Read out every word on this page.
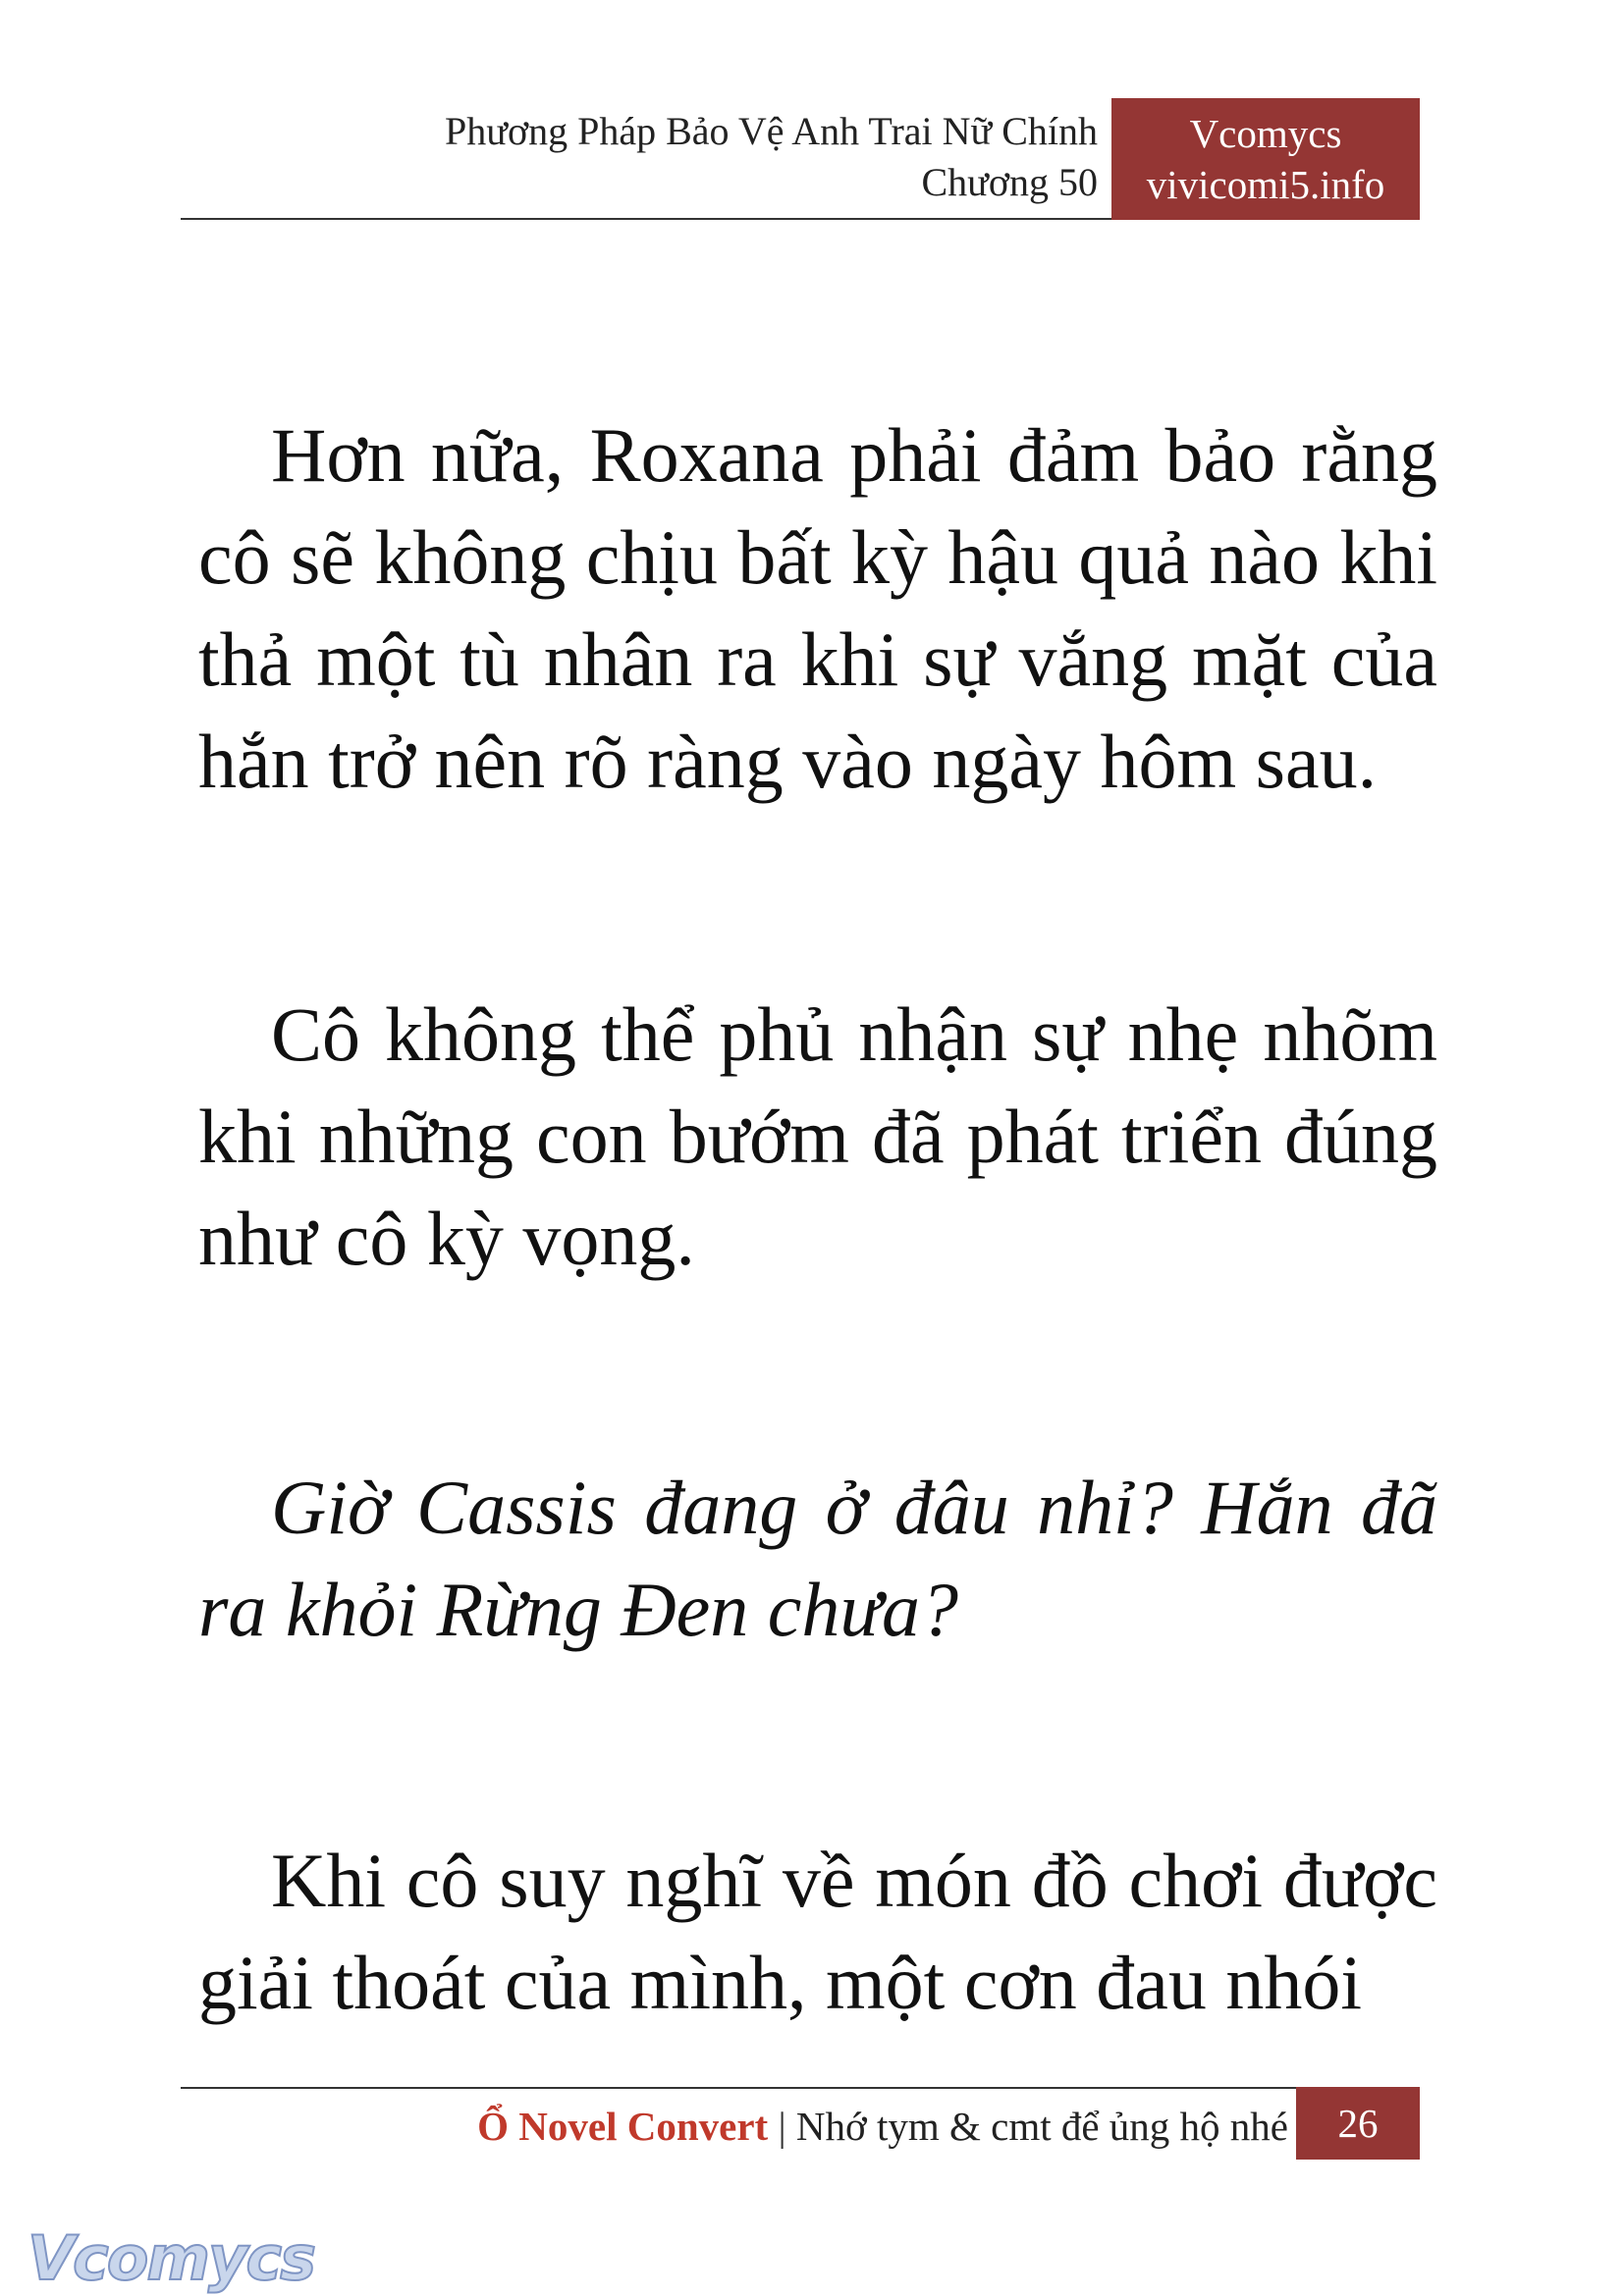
Phương Pháp Bảo Vệ Anh Trai Nữ Chính
Chương 50
Vcomycs
vivicomi5.info

Hơn nữa, Roxana phải đảm bảo rằng cô sẽ không chịu bất kỳ hậu quả nào khi thả một tù nhân ra khi sự vắng mặt của hắn trở nên rõ ràng vào ngày hôm sau.

Cô không thể phủ nhận sự nhẹ nhõm khi những con bướm đã phát triển đúng như cô kỳ vọng.

Giờ Cassis đang ở đâu nhỉ? Hắn đã ra khỏi Rừng Đen chưa?

Khi cô suy nghĩ về món đồ chơi được giải thoát của mình, một cơn đau nhói

Ổ Novel Convert | Nhớ tym & cmt để ủng hộ nhé	26
Vcomycs
